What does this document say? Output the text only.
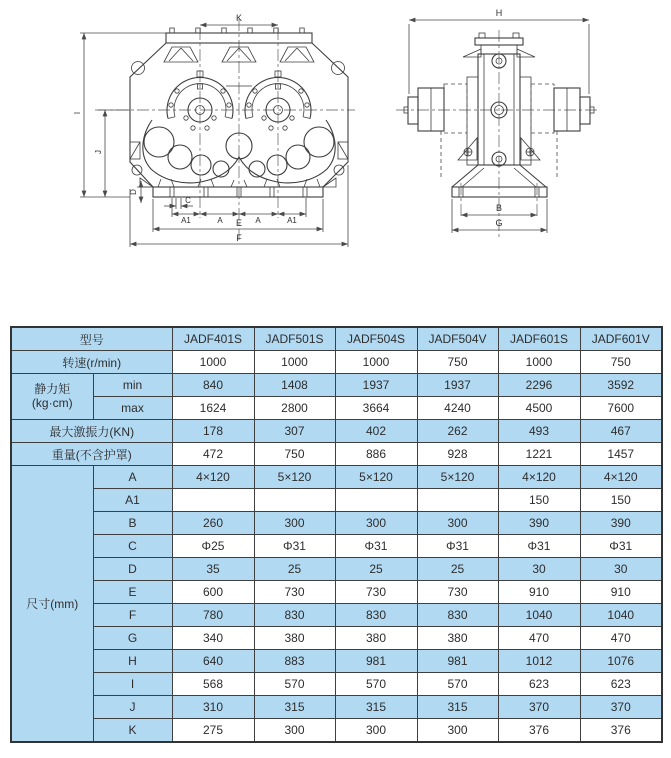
K
I
J
D
C
A1	A	A	A1
E
F
H
B
G
型号		JADF401S	JADF501S	JADF504S	JADF504V	JADF601S	JADF601V
转速(r/min)		1000	1000	1000	750	1000	750

静力矩
(kg·cm)	min	840	1408	1937	1937	2296	3592
	max	1624	2800	3664	4240	4500	7600
最大激振力(KN)		178	307	402	262	493	467
重量(不含护罩)		472	750	886	928	1221	1457
尺寸(mm)	A	4×120	5×120	5×120	5×120	4×120	4×120
	A1					150	150
	B	260	300	300	300	390	390
	C	Φ25	Φ31	Φ31	Φ31	Φ31	Φ31
	D	35	25	25	25	30	30
	E	600	730	730	730	910	910
	F	780	830	830	830	1040	1040
	G	340	380	380	380	470	470
	H	640	883	981	981	1012	1076
	I	568	570	570	570	623	623
	J	310	315	315	315	370	370
	K	275	300	300	300	376	376
